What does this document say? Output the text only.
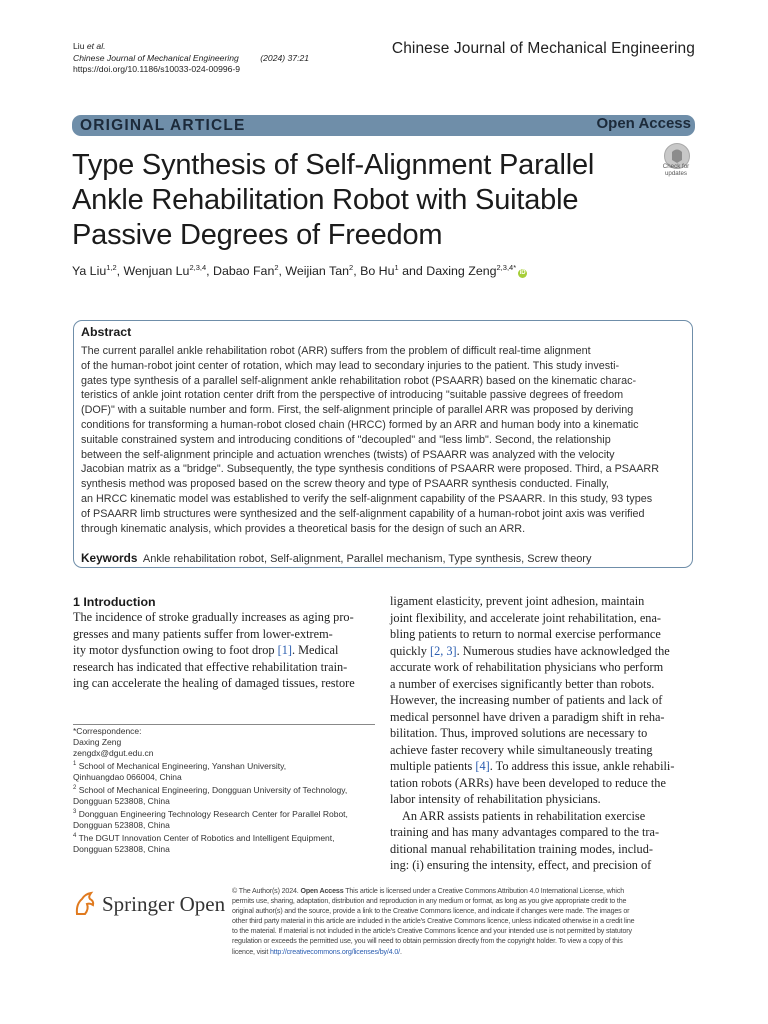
Liu et al.
Chinese Journal of Mechanical Engineering	(2024) 37:21
https://doi.org/10.1186/s10033-024-00996-9
Chinese Journal of Mechanical Engineering
ORIGINAL ARTICLE	Open Access
Type Synthesis of Self-Alignment Parallel Ankle Rehabilitation Robot with Suitable Passive Degrees of Freedom
Check for
updates
Ya Liu$^{1,2}$, Wenjuan Lu$^{2,3,4}$, Dabao Fan$^2$, Weijian Tan$^2$, Bo Hu$^1$ and Daxing Zeng$^{2,3,4*}$iD
Abstract
The current parallel ankle rehabilitation robot (ARR) suffers from the problem of difficult real-time alignment
of the human-robot joint center of rotation, which may lead to secondary injuries to the patient. This study investi-
gates type synthesis of a parallel self-alignment ankle rehabilitation robot (PSAARR) based on the kinematic charac-
teristics of ankle joint rotation center drift from the perspective of introducing "suitable passive degrees of freedom
(DOF)" with a suitable number and form. First, the self-alignment principle of parallel ARR was proposed by deriving
conditions for transforming a human-robot closed chain (HRCC) formed by an ARR and human body into a kinematic
suitable constrained system and introducing conditions of "decoupled" and "less limb". Second, the relationship
between the self-alignment principle and actuation wrenches (twists) of PSAARR was analyzed with the velocity
Jacobian matrix as a "bridge". Subsequently, the type synthesis conditions of PSAARR were proposed. Third, a PSAARR
synthesis method was proposed based on the screw theory and type of PSAARR synthesis conducted. Finally,
an HRCC kinematic model was established to verify the self-alignment capability of the PSAARR. In this study, 93 types
of PSAARR limb structures were synthesized and the self-alignment capability of a human-robot joint axis was verified
through kinematic analysis, which provides a theoretical basis for the design of such an ARR.
Keywords Ankle rehabilitation robot, Self-alignment, Parallel mechanism, Type synthesis, Screw theory
1 Introduction
The incidence of stroke gradually increases as aging pro-
gresses and many patients suffer from lower-extrem-
ity motor dysfunction owing to foot drop [1]. Medical
research has indicated that effective rehabilitation train-
ing can accelerate the healing of damaged tissues, restore
ligament elasticity, prevent joint adhesion, maintain
joint flexibility, and accelerate joint rehabilitation, ena-
bling patients to return to normal exercise performance
quickly [2, 3]. Numerous studies have acknowledged the
accurate work of rehabilitation physicians who perform
a number of exercises significantly better than robots.
However, the increasing number of patients and lack of
medical personnel have driven a paradigm shift in reha-
bilitation. Thus, improved solutions are necessary to
achieve faster recovery while simultaneously treating
multiple patients [4]. To address this issue, ankle rehabili-
tation robots (ARRs) have been developed to reduce the
labor intensity of rehabilitation physicians.
An ARR assists patients in rehabilitation exercise
training and has many advantages compared to the tra-
ditional manual rehabilitation training modes, includ-
ing: (i) ensuring the intensity, effect, and precision of
*Correspondence:
Daxing Zeng
zengdx@dgut.edu.cn
$^1$ School of Mechanical Engineering, Yanshan University,
Qinhuangdao 066004, China
$^2$ School of Mechanical Engineering, Dongguan University of Technology,
Dongguan 523808, China
$^3$ Dongguan Engineering Technology Research Center for Parallel Robot,
Dongguan 523808, China
$^4$ The DGUT Innovation Center of Robotics and Intelligent Equipment,
Dongguan 523808, China
Springer Open
© The Author(s) 2024. Open Access This article is licensed under a Creative Commons Attribution 4.0 International License, which
permits use, sharing, adaptation, distribution and reproduction in any medium or format, as long as you give appropriate credit to the
original author(s) and the source, provide a link to the Creative Commons licence, and indicate if changes were made. The images or
other third party material in this article are included in the article’s Creative Commons licence, unless indicated otherwise in a credit line
to the material. If material is not included in the article’s Creative Commons licence and your intended use is not permitted by statutory
regulation or exceeds the permitted use, you will need to obtain permission directly from the copyright holder. To view a copy of this
licence, visit http://creativecommons.org/licenses/by/4.0/.
